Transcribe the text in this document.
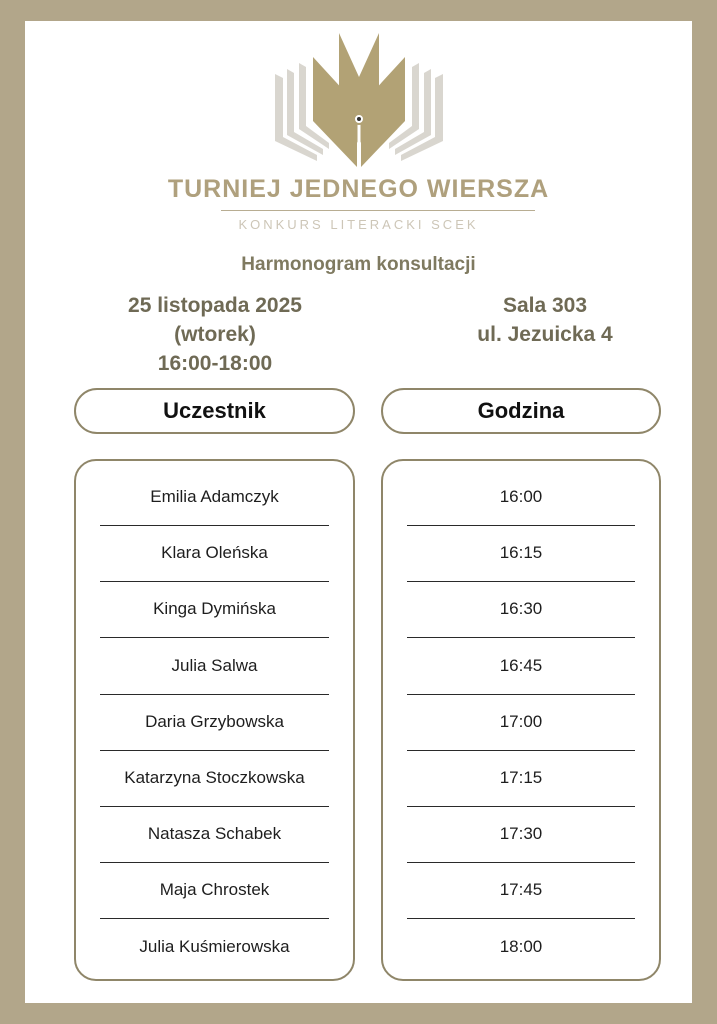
TURNIEJ JEDNEGO WIERSZA
KONKURS LITERACKI SCEK
Harmonogram konsultacji
25 listopada 2025
(wtorek)
16:00-18:00
Sala 303
ul. Jezuicka 4
Uczestnik	Godzina
Emilia Adamczyk
Klara Oleńska
Kinga Dymińska
Julia Salwa
Daria Grzybowska
Katarzyna Stoczkowska
Natasza Schabek
Maja Chrostek
Julia Kuśmierowska
16:00
16:15
16:30
16:45
17:00
17:15
17:30
17:45
18:00
